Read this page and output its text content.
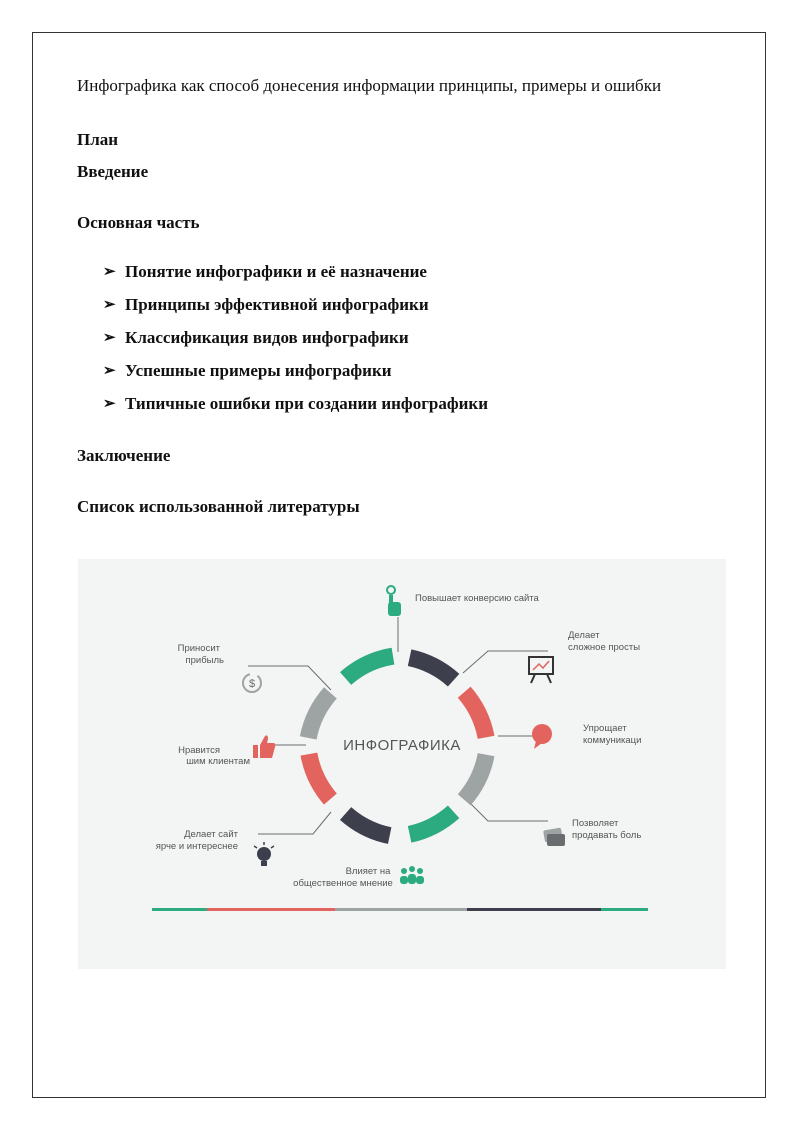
Инфографика как способ донесения информации принципы, примеры и ошибки
План
Введение
Основная часть
➢ Понятие инфографики и её назначение
➢ Принципы эффективной инфографики
➢ Классификация видов инфографики
➢ Успешные примеры инфографики
➢ Типичные ошибки при создании инфографики
Заключение
Список использованной литературы
ИНФОГРАФИКА
Повышает конверсию сайта
Делает
сложное просты
Упрощает
коммуникаци
Позволяет
продавать боль
Влияет на
общественное мнение
Делает сайт
ярче и интереснее
Нравится
шим клиентам
Приносит
прибыль
$
